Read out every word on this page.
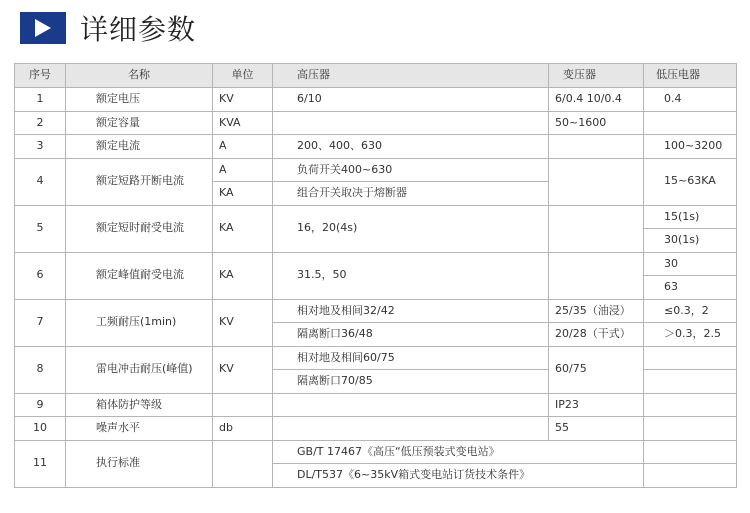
详细参数
序号	名称	单位	高压器	变压器	低压电器
1	额定电压	KV	6/10	6/0.4 10/0.4	0.4
2	额定容量	KVA		50~1600	
3	额定电流	A	200、400、630		100~3200
4	额定短路开断电流	A	负荷开关400~630		15~63KA
		KA	组合开关取决于熔断器		
5	额定短时耐受电流	KA	16，20(4s)		15(1s)
					30(1s)
6	额定峰值耐受电流	KA	31.5，50		30
					63
7	工频耐压(1min)	KV	相对地及相间32/42	25/35（油浸）	≤0.3，2
			隔离断口36/48	20/28（干式）	＞0.3，2.5
8	雷电冲击耐压(峰值)	KV	相对地及相间60/75	60/75	
			隔离断口70/85		
9	箱体防护等级			IP23	
10	噪声水平	db		55	
11	执行标准		GB/T 17467《高压“低压预装式变电站》		
			DL/T537《6~35kV箱式变电站订货技术条件》		
